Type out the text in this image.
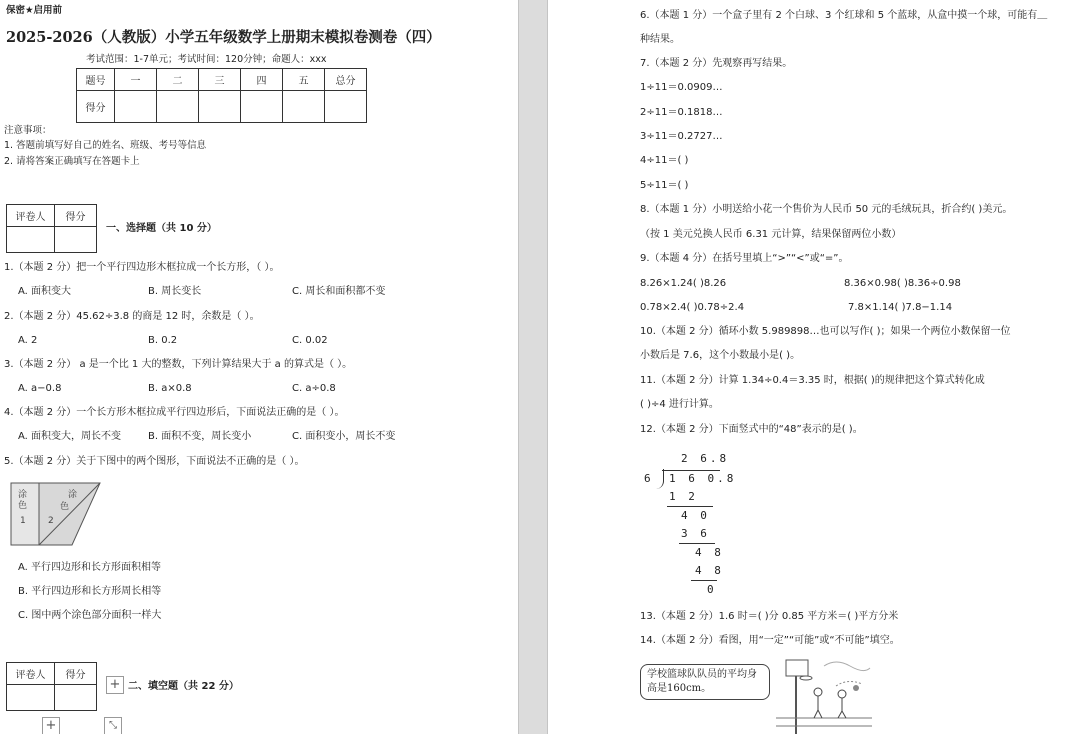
保密★启用前
2025-2026（人教版）小学五年级数学上册期末模拟卷测卷（四）
考试范围：1-7单元；考试时间：120分钟；命题人：xxx
题号	一	二	三	四	五	总分
得分						
注意事项：
1. 答题前填写好自己的姓名、班级、考号等信息
2. 请将答案正确填写在答题卡上
评卷人	得分

一、选择题（共 10 分）
1.（本题 2 分）把一个平行四边形木框拉成一个长方形，（ ）。
A. 面积变大	B. 周长变长	C. 周长和面积都不变
2.（本题 2 分）45.62÷3.8 的商是 12 时，余数是（ ）。
A. 2	B. 0.2	C. 0.02
3.（本题 2 分） a 是一个比 1 大的整数，下列计算结果大于 a 的算式是（ ）。
A. a−0.8	B. a×0.8	C. a÷0.8
4.（本题 2 分）一个长方形木框拉成平行四边形后，下面说法正确的是（ ）。
A. 面积变大，周长不变	B. 面积不变，周长变小	C. 面积变小，周长不变
5.（本题 2 分）关于下图中的两个图形，下面说法不正确的是（ ）。
涂
色
1
涂
色
2
A. 平行四边形和长方形面积相等
B. 平行四边形和长方形周长相等
C. 图中两个涂色部分面积一样大
评卷人	得分

+ 二、填空题（共 22 分）
+	⤡
6.（本题 1 分）一个盒子里有 2 个白球、3 个红球和 5 个蓝球，从盒中摸一个球，可能有＿
种结果。
7.（本题 2 分）先观察再写结果。
1÷11＝0.0909…
2÷11＝0.1818…
3÷11＝0.2727…
4÷11＝( )
5÷11＝( )
8.（本题 1 分）小明送给小花一个售价为人民币 50 元的毛绒玩具，折合约( )美元。
（按 1 美元兑换人民币 6.31 元计算，结果保留两位小数）
9.（本题 4 分）在括号里填上“>”“<”或“=”。
8.26×1.24( )8.26	8.36×0.98( )8.36÷0.98
0.78×2.4( )0.78÷2.4	7.8×1.14( )7.8−1.14
10.（本题 2 分）循环小数 5.989898…也可以写作( )；如果一个两位小数保留一位
小数后是 7.6，这个小数最小是( )。
11.（本题 2 分）计算 1.34÷0.4＝3.35 时，根据( )的规律把这个算式转化成
( )÷4 进行计算。
12.（本题 2 分）下面竖式中的“48”表示的是( )。
2 6.8
6 1 6 0.8
1 2
4 0
3 6
4 8
4 8
0
13.（本题 2 分）1.6 时＝( )分 0.85 平方米＝( )平方分米
14.（本题 2 分）看图，用“一定”“可能”或“不可能”填空。
学校篮球队队员的平均身高是160cm。
